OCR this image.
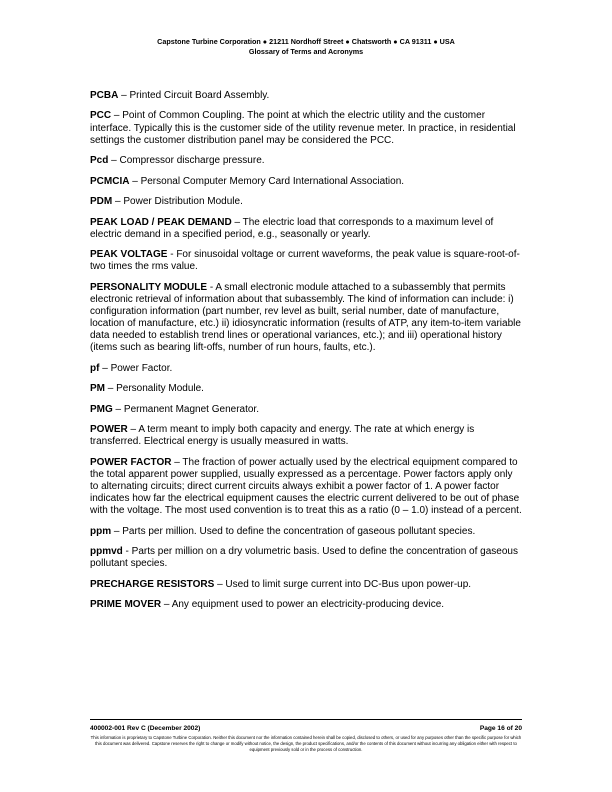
Capstone Turbine Corporation ● 21211 Nordhoff Street ● Chatsworth ● CA 91311 ● USA
Glossary of Terms and Acronyms

PCBA – Printed Circuit Board Assembly.

PCC – Point of Common Coupling. The point at which the electric utility and the customer interface. Typically this is the customer side of the utility revenue meter. In practice, in residential settings the customer distribution panel may be considered the PCC.

Pcd – Compressor discharge pressure.

PCMCIA – Personal Computer Memory Card International Association.

PDM – Power Distribution Module.

PEAK LOAD / PEAK DEMAND – The electric load that corresponds to a maximum level of electric demand in a specified period, e.g., seasonally or yearly.

PEAK VOLTAGE - For sinusoidal voltage or current waveforms, the peak value is square-root-of-two times the rms value.

PERSONALITY MODULE - A small electronic module attached to a subassembly that permits electronic retrieval of information about that subassembly. The kind of information can include: i) configuration information (part number, rev level as built, serial number, date of manufacture, location of manufacture, etc.) ii) idiosyncratic information (results of ATP, any item-to-item variable data needed to establish trend lines or operational variances, etc.); and iii) operational history (items such as bearing lift-offs, number of run hours, faults, etc.).

pf – Power Factor.

PM – Personality Module.

PMG – Permanent Magnet Generator.

POWER – A term meant to imply both capacity and energy. The rate at which energy is transferred. Electrical energy is usually measured in watts.

POWER FACTOR – The fraction of power actually used by the electrical equipment compared to the total apparent power supplied, usually expressed as a percentage. Power factors apply only to alternating circuits; direct current circuits always exhibit a power factor of 1. A power factor indicates how far the electrical equipment causes the electric current delivered to be out of phase with the voltage. The most used convention is to treat this as a ratio (0 – 1.0) instead of a percent.

ppm – Parts per million. Used to define the concentration of gaseous pollutant species.

ppmvd - Parts per million on a dry volumetric basis. Used to define the concentration of gaseous pollutant species.

PRECHARGE RESISTORS – Used to limit surge current into DC-Bus upon power-up.

PRIME MOVER – Any equipment used to power an electricity-producing device.

400002-001 Rev C (December 2002)	Page 16 of 20
This information is proprietary to Capstone Turbine Corporation. Neither this document nor the information contained herein shall be copied, disclosed to others, or used for any purposes other than the specific purpose for which this document was delivered. Capstone reserves the right to change or modify without notice, the design, the product specifications, and/or the contents of this document without incurring any obligation either with respect to equipment previously sold or in the process of construction.
